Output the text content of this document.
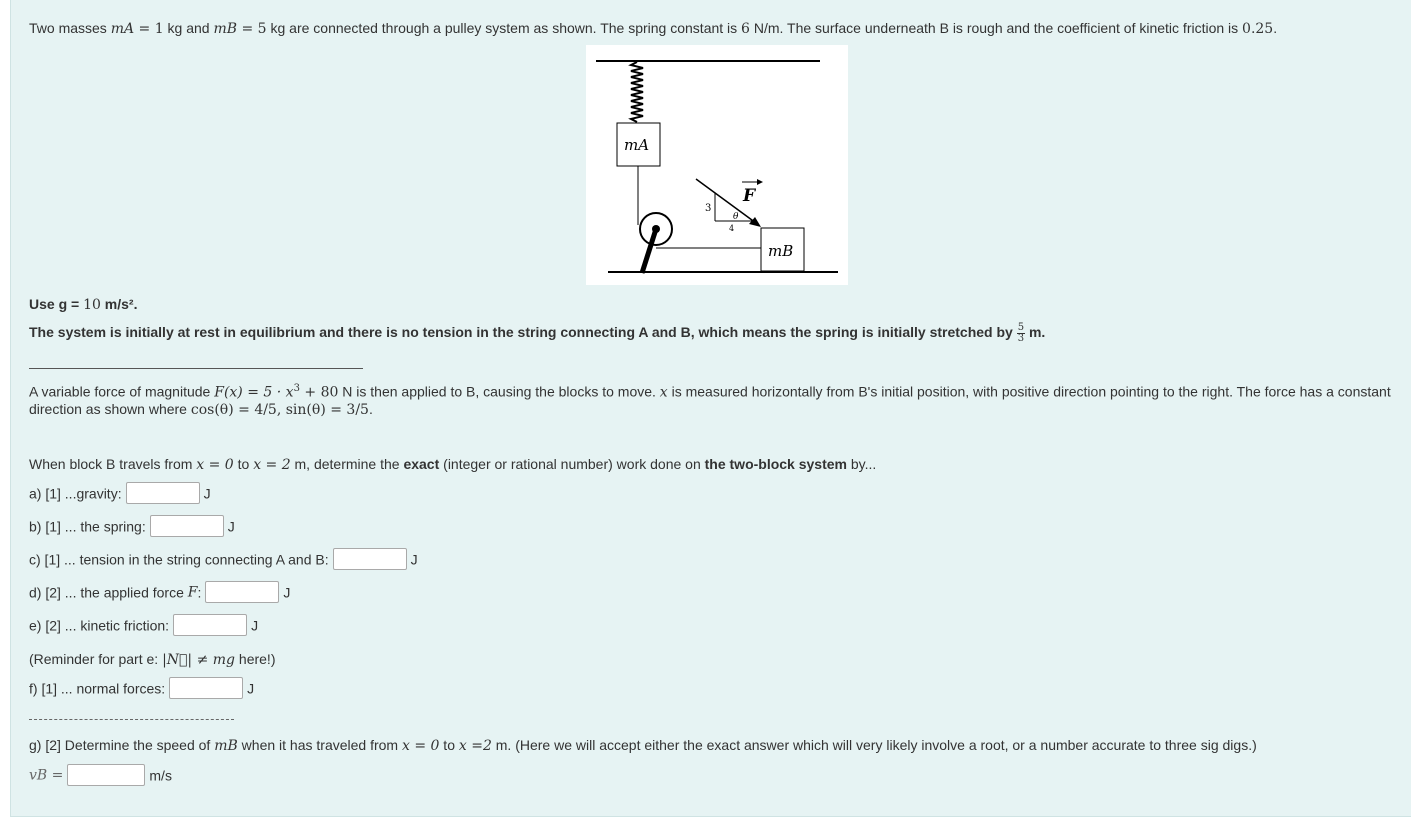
Two masses mA = 1 kg and mB = 5 kg are connected through a pulley system as shown. The spring constant is 6 N/m. The surface underneath B is rough and the coefficient of kinetic friction is 0.25.
mA
mB
3
4
θ
F
Use g = 10 m/s².
The system is initially at rest in equilibrium and there is no tension in the string connecting A and B, which means the spring is initially stretched by $\frac{5}{3} m$.
A variable force of magnitude $F(x) = 5 \cdot x^3 + 80$ N is then applied to B, causing the blocks to move. x is measured horizontally from B's initial position, with positive direction pointing to the right. The force has a constant
direction as shown where cos(θ) = 4/5, sin(θ) = 3/5.
When block B travels from x = 0 to x = 2 m, determine the exact (integer or rational number) work done on the two-block system by...
a) [1] ...gravity:	J
b) [1] ... the spring:	J
c) [1] ... tension in the string connecting A and B:	J
d) [2] ... the applied force F:	J
e) [2] ... kinetic friction:	J
(Reminder for part e: |N⃗| ≠ mg here!)
f) [1] ... normal forces:	J
g) [2] Determine the speed of mB when it has traveled from x = 0 to x =2 m. (Here we will accept either the exact answer which will very likely involve a root, or a number accurate to three sig digs.)
vB =	m/s
